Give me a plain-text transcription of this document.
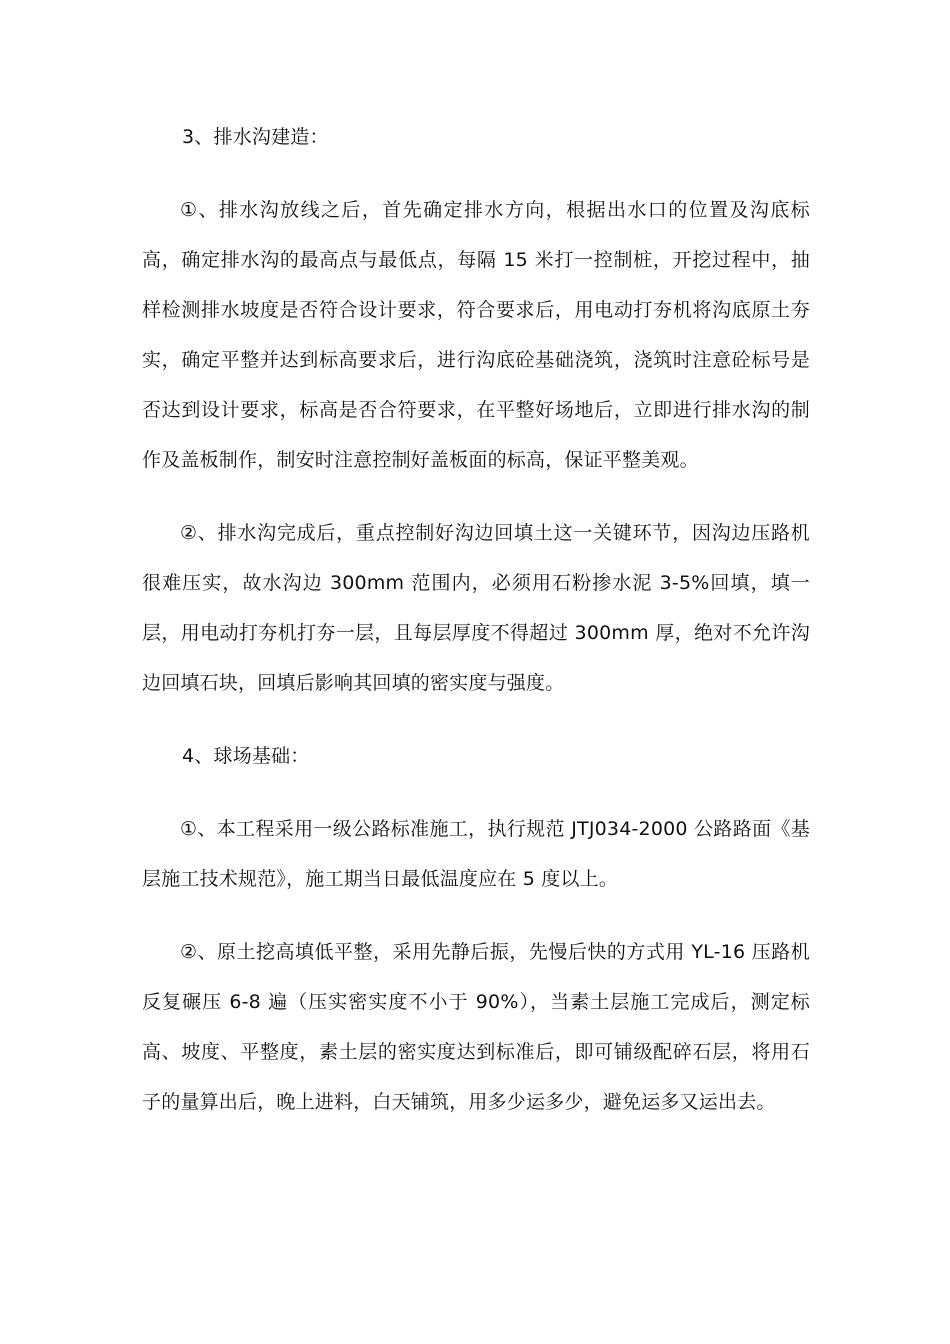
3、排水沟建造：

①、排水沟放线之后，首先确定排水方向，根据出水口的位置及沟底标高，确定排水沟的最高点与最低点，每隔 15 米打一控制桩，开挖过程中，抽样检测排水坡度是否符合设计要求，符合要求后，用电动打夯机将沟底原土夯实，确定平整并达到标高要求后，进行沟底砼基础浇筑，浇筑时注意砼标号是否达到设计要求，标高是否合符要求，在平整好场地后，立即进行排水沟的制作及盖板制作，制安时注意控制好盖板面的标高，保证平整美观。

②、排水沟完成后，重点控制好沟边回填土这一关键环节，因沟边压路机很难压实，故水沟边 300mm 范围内，必须用石粉掺水泥 3-5%回填，填一层，用电动打夯机打夯一层，且每层厚度不得超过 300mm 厚，绝对不允许沟边回填石块，回填后影响其回填的密实度与强度。

4、球场基础：

①、本工程采用一级公路标准施工，执行规范 JTJ034-2000 公路路面《基层施工技术规范》，施工期当日最低温度应在 5 度以上。

②、原土挖高填低平整，采用先静后振，先慢后快的方式用 YL-16 压路机反复碾压 6-8 遍（压实密实度不小于 90%），当素土层施工完成后，测定标高、坡度、平整度，素土层的密实度达到标准后，即可铺级配碎石层，将用石子的量算出后，晚上进料，白天铺筑，用多少运多少，避免运多又运出去。
